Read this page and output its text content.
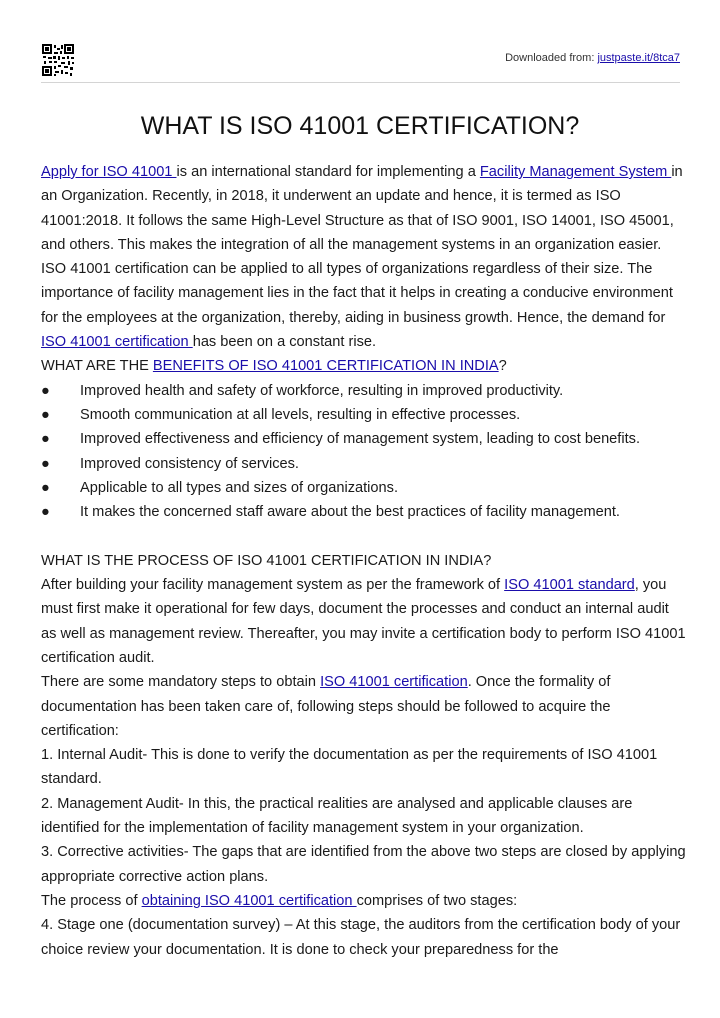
Downloaded from: justpaste.it/8tca7
WHAT IS ISO 41001 CERTIFICATION?

Apply for ISO 41001 is an international standard for implementing a Facility Management System in an Organization. Recently, in 2018, it underwent an update and hence, it is termed as ISO 41001:2018. It follows the same High-Level Structure as that of ISO 9001, ISO 14001, ISO 45001, and others. This makes the integration of all the management systems in an organization easier. ISO 41001 certification can be applied to all types of organizations regardless of their size. The importance of facility management lies in the fact that it helps in creating a conducive environment for the employees at the organization, thereby, aiding in business growth. Hence, the demand for ISO 41001 certification has been on a constant rise.

WHAT ARE THE BENEFITS OF ISO 41001 CERTIFICATION IN INDIA?

●	Improved health and safety of workforce, resulting in improved productivity.
●	Smooth communication at all levels, resulting in effective processes.
●	Improved effectiveness and efficiency of management system, leading to cost benefits.
●	Improved consistency of services.
●	Applicable to all types and sizes of organizations.
●	It makes the concerned staff aware about the best practices of facility management.

WHAT IS THE PROCESS OF ISO 41001 CERTIFICATION IN INDIA?

After building your facility management system as per the framework of ISO 41001 standard, you must first make it operational for few days, document the processes and conduct an internal audit as well as management review. Thereafter, you may invite a certification body to perform ISO 41001 certification audit.

There are some mandatory steps to obtain ISO 41001 certification. Once the formality of documentation has been taken care of, following steps should be followed to acquire the certification:

1. Internal Audit- This is done to verify the documentation as per the requirements of ISO 41001 standard.

2. Management Audit- In this, the practical realities are analysed and applicable clauses are identified for the implementation of facility management system in your organization.

3. Corrective activities- The gaps that are identified from the above two steps are closed by applying appropriate corrective action plans.

The process of obtaining ISO 41001 certification comprises of two stages:

4. Stage one (documentation survey) – At this stage, the auditors from the certification body of your choice review your documentation. It is done to check your preparedness for the
